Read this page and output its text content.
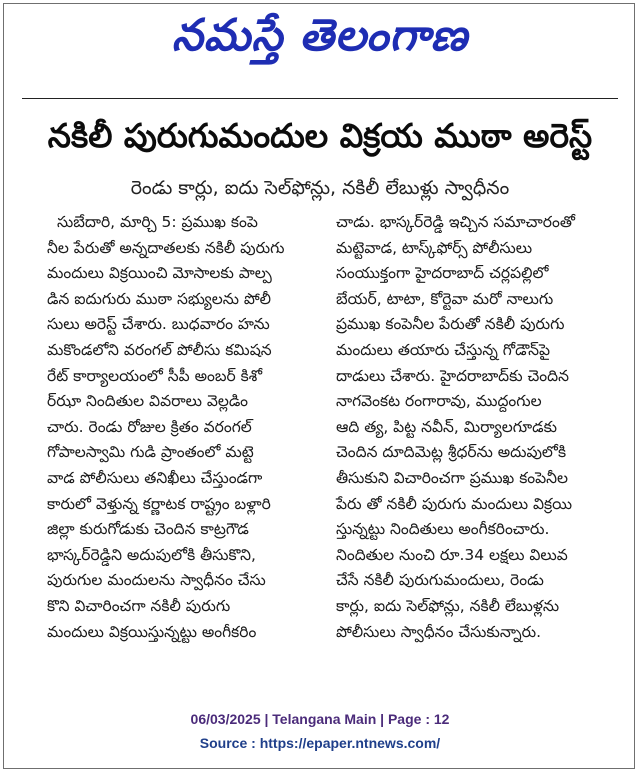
నమస్తే తెలంగాణ
నకిలీ పురుగుమందుల విక్రయ ముఠా అరెస్ట్
రెండు కార్లు, ఐదు సెల్‌ఫోన్లు, నకిలీ లేబుళ్లు స్వాధీనం
సుబేదారి, మార్చి 5: ప్రముఖ కంపె
నీల పేరుతో అన్నదాతలకు నకిలీ పురుగు
మందులు విక్రయించి మోసాలకు పాల్ప
డిన ఐదుగురు ముఠా సభ్యులను పోలీ
సులు అరెస్ట్ చేశారు. బుధవారం హను
మకొండలోని వరంగల్ పోలీసు కమిషన
రేట్ కార్యాలయంలో సీపీ అంబర్ కిశో
ర్‌ఝా నిందితుల వివరాలు వెల్లడిం
చారు. రెండు రోజుల క్రితం వరంగల్
గోపాలస్వామి గుడి ప్రాంతంలో మట్టె
వాడ పోలీసులు తనిఖీలు చేస్తుండగా
కారులో వెళ్తున్న కర్ణాటక రాష్ట్రం బళ్లారి
జిల్లా కురుగోడుకు చెందిన కాట్రగౌడ
భాస్కర్‌రెడ్డిని అదుపులోకి తీసుకొని,
పురుగుల మందులను స్వాధీనం చేసు
కొని విచారించగా నకిలీ పురుగు
మందులు విక్రయిస్తున్నట్టు అంగీకరిం
చాడు. భాస్కర్‌రెడ్డి ఇచ్చిన సమాచారంతో
మట్టెవాడ, టాస్క్‌ఫోర్స్ పోలీసులు
సంయుక్తంగా హైదరాబాద్ చర్లపల్లిలో
బేయర్, టాటా, కోర్టెవా మరో నాలుగు
ప్రముఖ కంపెనీల పేరుతో నకిలీ పురుగు
మందులు తయారు చేస్తున్న గోడౌన్‌పై
దాడులు చేశారు. హైదరాబాద్‌కు చెందిన
నాగవెంకట రంగారావు, ముద్దంగుల
ఆది త్య, పిట్ట నవీన్, మిర్యాలగూడకు
చెందిన దూదిమెట్ల శ్రీధర్‌ను అదుపులోకి
తీసుకుని విచారించగా ప్రముఖ కంపెనీల
పేరు తో నకిలీ పురుగు మందులు విక్రయి
స్తున్నట్టు నిందితులు అంగీకరించారు.
నిందితుల నుంచి రూ.34 లక్షలు విలువ
చేసే నకిలీ పురుగుమందులు, రెండు
కార్లు, ఐదు సెల్‌ఫోన్లు, నకిలీ లేబుళ్లను
పోలీసులు స్వాధీనం చేసుకున్నారు.
06/03/2025 | Telangana Main | Page : 12
Source : https://epaper.ntnews.com/
